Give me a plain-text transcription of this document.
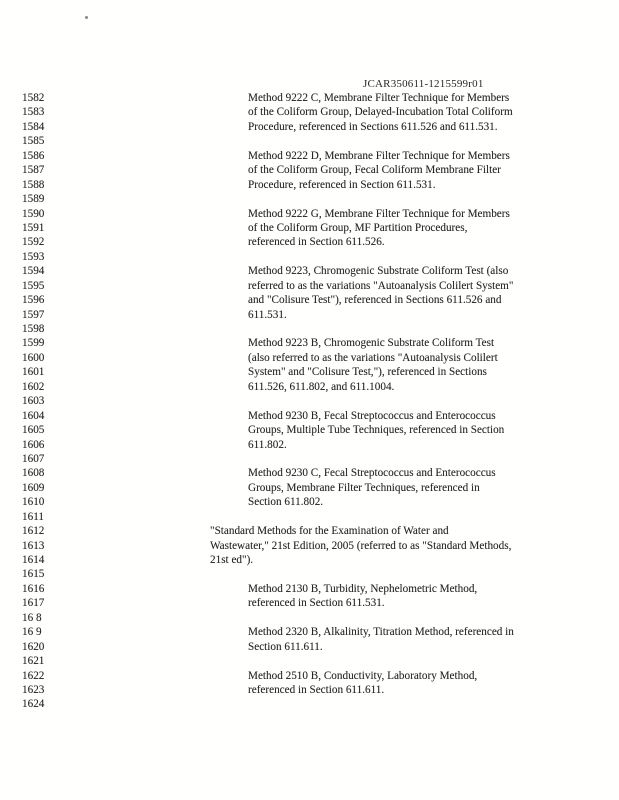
JCAR350611-1215599r01
1582	Method 9222 C, Membrane Filter Technique for Members
1583	of the Coliform Group, Delayed-Incubation Total Coliform
1584	Procedure, referenced in Sections 611.526 and 611.531.
1585
1586	Method 9222 D, Membrane Filter Technique for Members
1587	of the Coliform Group, Fecal Coliform Membrane Filter
1588	Procedure, referenced in Section 611.531.
1589
1590	Method 9222 G, Membrane Filter Technique for Members
1591	of the Coliform Group, MF Partition Procedures,
1592	referenced in Section 611.526.
1593
1594	Method 9223, Chromogenic Substrate Coliform Test (also
1595	referred to as the variations "Autoanalysis Colilert System"
1596	and "Colisure Test"), referenced in Sections 611.526 and
1597	611.531.
1598
1599	Method 9223 B, Chromogenic Substrate Coliform Test
1600	(also referred to as the variations "Autoanalysis Colilert
1601	System" and "Colisure Test,"), referenced in Sections
1602	611.526, 611.802, and 611.1004.
1603
1604	Method 9230 B, Fecal Streptococcus and Enterococcus
1605	Groups, Multiple Tube Techniques, referenced in Section
1606	611.802.
1607
1608	Method 9230 C, Fecal Streptococcus and Enterococcus
1609	Groups, Membrane Filter Techniques, referenced in
1610	Section 611.802.
1611
1612	"Standard Methods for the Examination of Water and
1613	Wastewater," 21st Edition, 2005 (referred to as "Standard Methods,
1614	21st ed").
1615
1616	Method 2130 B, Turbidity, Nephelometric Method,
1617	referenced in Section 611.531.
16 8
16 9	Method 2320 B, Alkalinity, Titration Method, referenced in
1620	Section 611.611.
1621
1622	Method 2510 B, Conductivity, Laboratory Method,
1623	referenced in Section 611.611.
1624
